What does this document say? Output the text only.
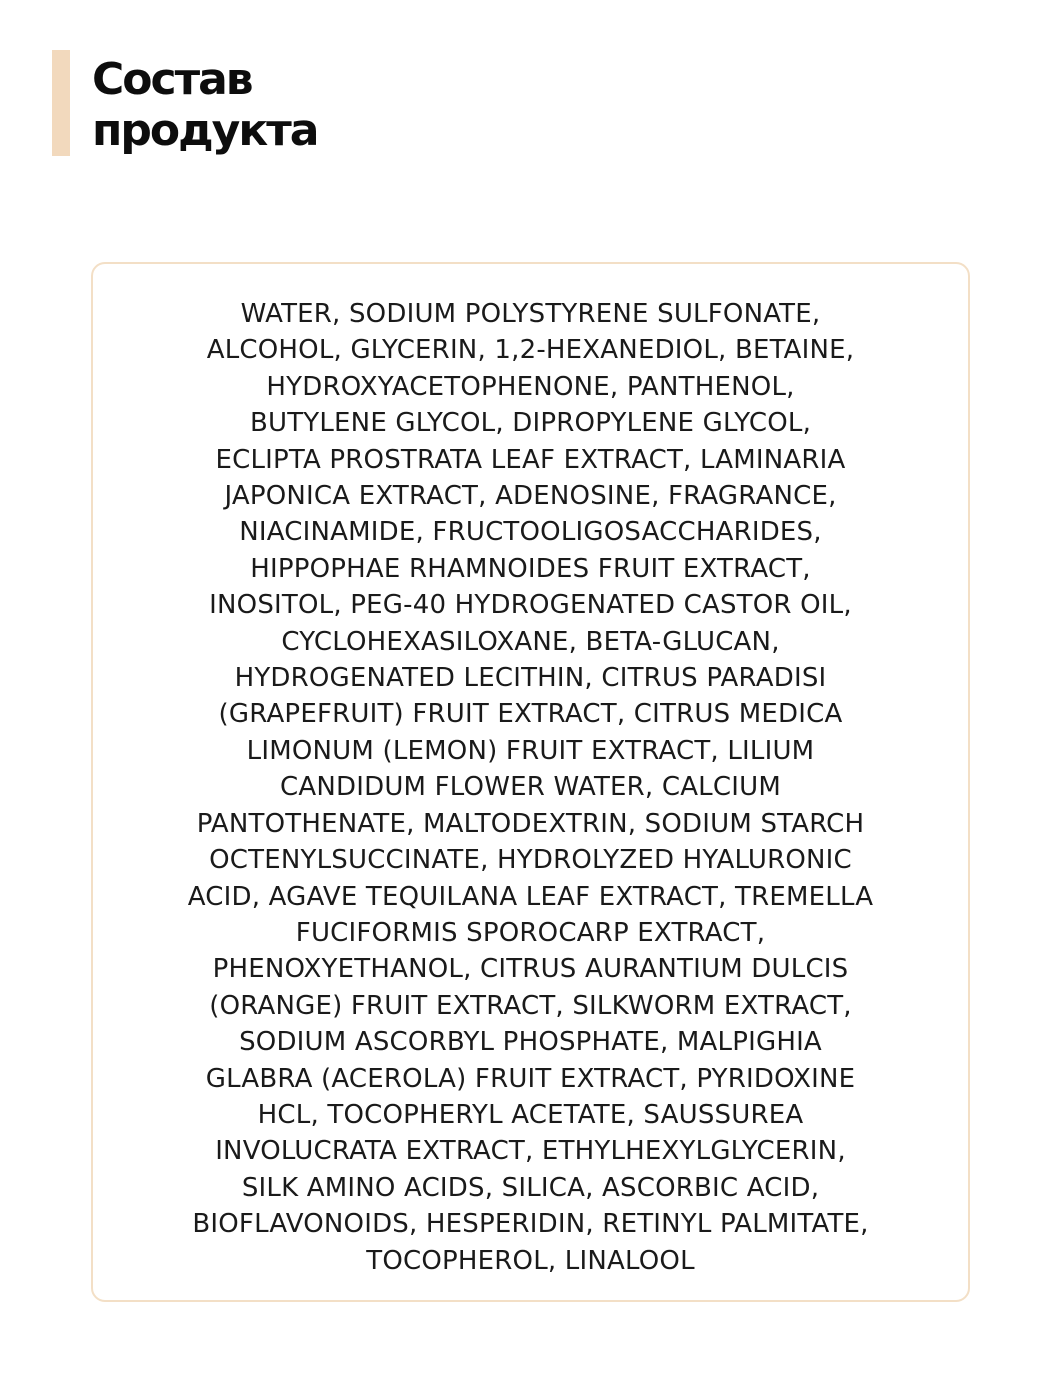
Состав
продукта

WATER, SODIUM POLYSTYRENE SULFONATE,
ALCOHOL, GLYCERIN, 1,2-HEXANEDIOL, BETAINE,
HYDROXYACETOPHENONE, PANTHENOL,
BUTYLENE GLYCOL, DIPROPYLENE GLYCOL,
ECLIPTA PROSTRATA LEAF EXTRACT, LAMINARIA
JAPONICA EXTRACT, ADENOSINE, FRAGRANCE,
NIACINAMIDE, FRUCTOOLIGOSACCHARIDES,
HIPPOPHAE RHAMNOIDES FRUIT EXTRACT,
INOSITOL, PEG-40 HYDROGENATED CASTOR OIL,
CYCLOHEXASILOXANE, BETA-GLUCAN,
HYDROGENATED LECITHIN, CITRUS PARADISI
(GRAPEFRUIT) FRUIT EXTRACT, CITRUS MEDICA
LIMONUM (LEMON) FRUIT EXTRACT, LILIUM
CANDIDUM FLOWER WATER, CALCIUM
PANTOTHENATE, MALTODEXTRIN, SODIUM STARCH
OCTENYLSUCCINATE, HYDROLYZED HYALURONIC
ACID, AGAVE TEQUILANA LEAF EXTRACT, TREMELLA
FUCIFORMIS SPOROCARP EXTRACT,
PHENOXYETHANOL, CITRUS AURANTIUM DULCIS
(ORANGE) FRUIT EXTRACT, SILKWORM EXTRACT,
SODIUM ASCORBYL PHOSPHATE, MALPIGHIA
GLABRA (ACEROLA) FRUIT EXTRACT, PYRIDOXINE
HCL, TOCOPHERYL ACETATE, SAUSSUREA
INVOLUCRATA EXTRACT, ETHYLHEXYLGLYCERIN,
SILK AMINO ACIDS, SILICA, ASCORBIC ACID,
BIOFLAVONOIDS, HESPERIDIN, RETINYL PALMITATE,
TOCOPHEROL, LINALOOL
